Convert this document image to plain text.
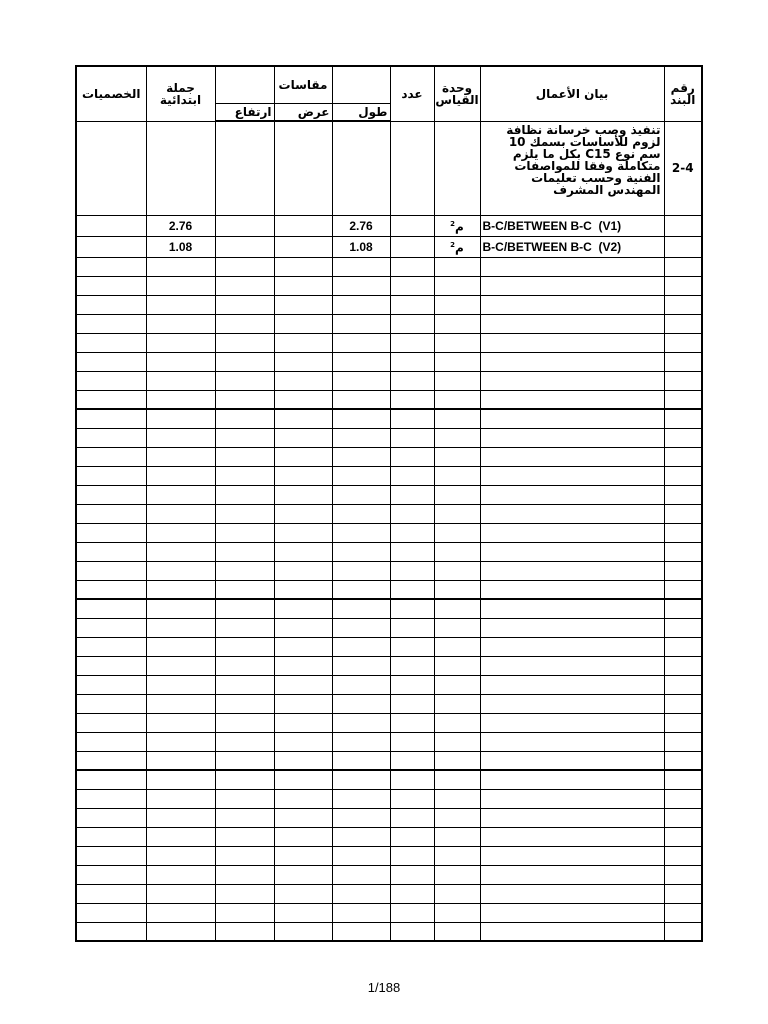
الخصميات	جملة ابتدائية		مقاسات		عدد	وحدة القياس	بيان الأعمال	رقم البند
		ارتفاع	عرض	طول				
							تنفيذ وصب خرسانة نظافة لزوم للأساسات بسمك 10 سم نوع C15 بكل ما يلزم متكاملة وفقا للمواصفات الفنية وحسب تعليمات المهندس المشرف	2-4
	2.76			2.76		م$^2$	B-C/BETWEEN B-C  (V1)	
	1.08			1.08		م$^2$	B-C/BETWEEN B-C  (V2)	

1/188
